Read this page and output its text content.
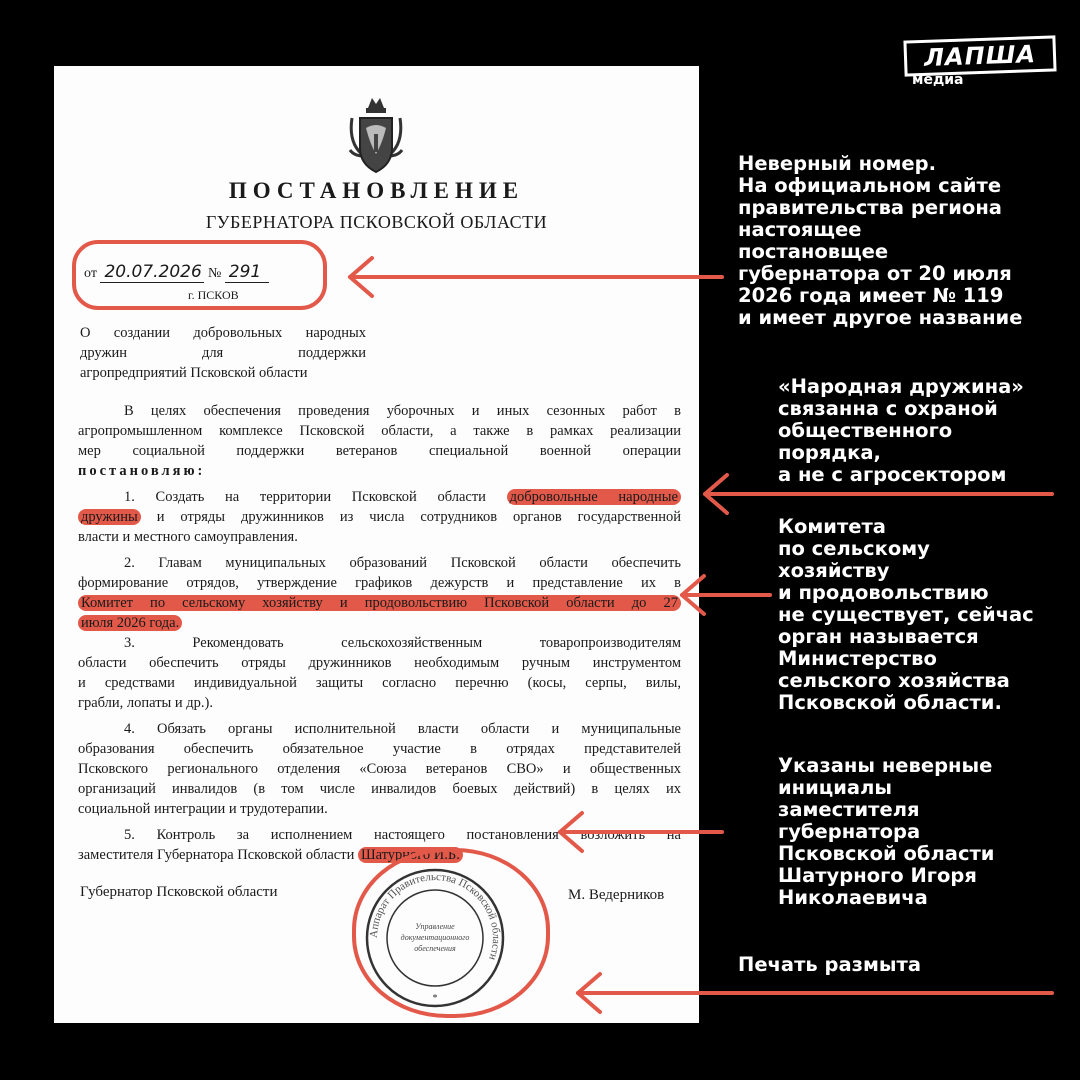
ЛАПША
медиа
ПОСТАНОВЛЕНИЕ
ГУБЕРНАТОРА ПСКОВСКОЙ ОБЛАСТИ
от 20.07.2026 № 291
г. ПСКОВ
О создании добровольных народных
дружин для поддержки
агропредприятий Псковской области
В целях обеспечения проведения уборочных и иных сезонных работ в
агропромышленном комплексе Псковской области, а также в рамках реализации
мер социальной поддержки ветеранов специальной военной операции
постановляю:
1. Создать на территории Псковской области добровольные народные
дружины и отряды дружинников из числа сотрудников органов государственной
власти и местного самоуправления.
2. Главам муниципальных образований Псковской области обеспечить
формирование отрядов, утверждение графиков дежурств и представление их в
Комитет по сельскому хозяйству и продовольствию Псковской области до 27
июля 2026 года.
3. Рекомендовать сельскохозяйственным товаропроизводителям
области обеспечить отряды дружинников необходимым ручным инструментом
и средствами индивидуальной защиты согласно перечню (косы, серпы, вилы,
грабли, лопаты и др.).
4. Обязать органы исполнительной власти области и муниципальные
образования обеспечить обязательное участие в отрядах представителей
Псковского регионального отделения «Союза ветеранов СВО» и общественных
организаций инвалидов (в том числе инвалидов боевых действий) в целях их
социальной интеграции и трудотерапии.
5. Контроль за исполнением настоящего постановления возложить на
заместителя Губернатора Псковской области Шатурного И.Б.
Губернатор Псковской области	М. Ведерников
Аппарат Правительства Псковской области
Управление
документационного
обеспечения
*
Неверный номер.
На официальном сайте
правительства региона
настоящее
постановщее
губернатора от 20 июля
2026 года имеет № 119
и имеет другое название
«Народная дружина»
связанна с охраной
общественного
порядка,
а не с агросектором
Комитета
по сельскому
хозяйству
и продовольствию
не существует, сейчас
орган называется
Министерство
сельского хозяйства
Псковской области.
Указаны неверные
инициалы
заместителя
губернатора
Псковской области
Шатурного Игоря
Николаевича
Печать размыта
